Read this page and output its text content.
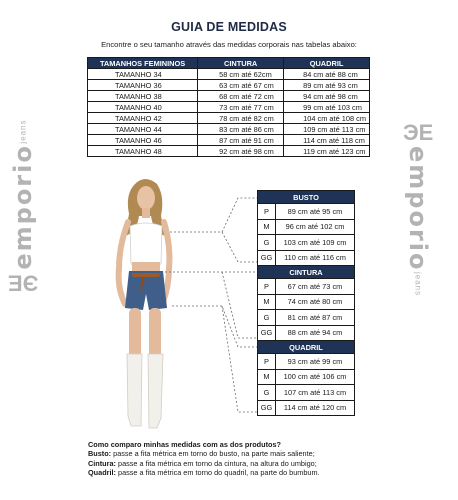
GUIA DE MEDIDAS
Encontre o seu tamanho através das medidas corporais nas tabelas abaixo:
TAMANHOS FEMININOS	CINTURA	QUADRIL
TAMANHO 34	58 cm até 62cm	84 cm até 88 cm
TAMANHO 36	63 cm até 67 cm	89 cm até 93 cm
TAMANHO 38	68 cm até 72 cm	94 cm até 98 cm
TAMANHO 40	73 cm até 77 cm	99 cm até 103 cm
TAMANHO 42	78 cm até 82 cm	104 cm até 108 cm
TAMANHO 44	83 cm até 86 cm	109 cm até 113 cm
TAMANHO 46	87 cm até 91 cm	114 cm até 118 cm
TAMANHO 48	92 cm até 98 cm	119 cm até 123 cm
ЭE
emporio
jeans	ЭE
emporio
jeans
BUSTO	
P	89 cm até 95 cm
M	96 cm até 102 cm
G	103 cm até 109 cm
GG	110 cm até 116 cm
CINTURA	
P	67 cm até 73 cm
M	74 cm até 80 cm
G	81 cm até 87 cm
GG	88 cm até 94 cm
QUADRIL	
P	93 cm até 99 cm
M	100 cm até 106 cm
G	107 cm até 113 cm
GG	114 cm até 120 cm
Como comparo minhas medidas com as dos produtos?
Busto: passe a fita métrica em torno do busto, na parte mais saliente;
Cintura: passe a fita métrica em torno da cintura, na altura do umbigo;
Quadril: passe a fita métrica em torno do quadril, na parte do bumbum.
